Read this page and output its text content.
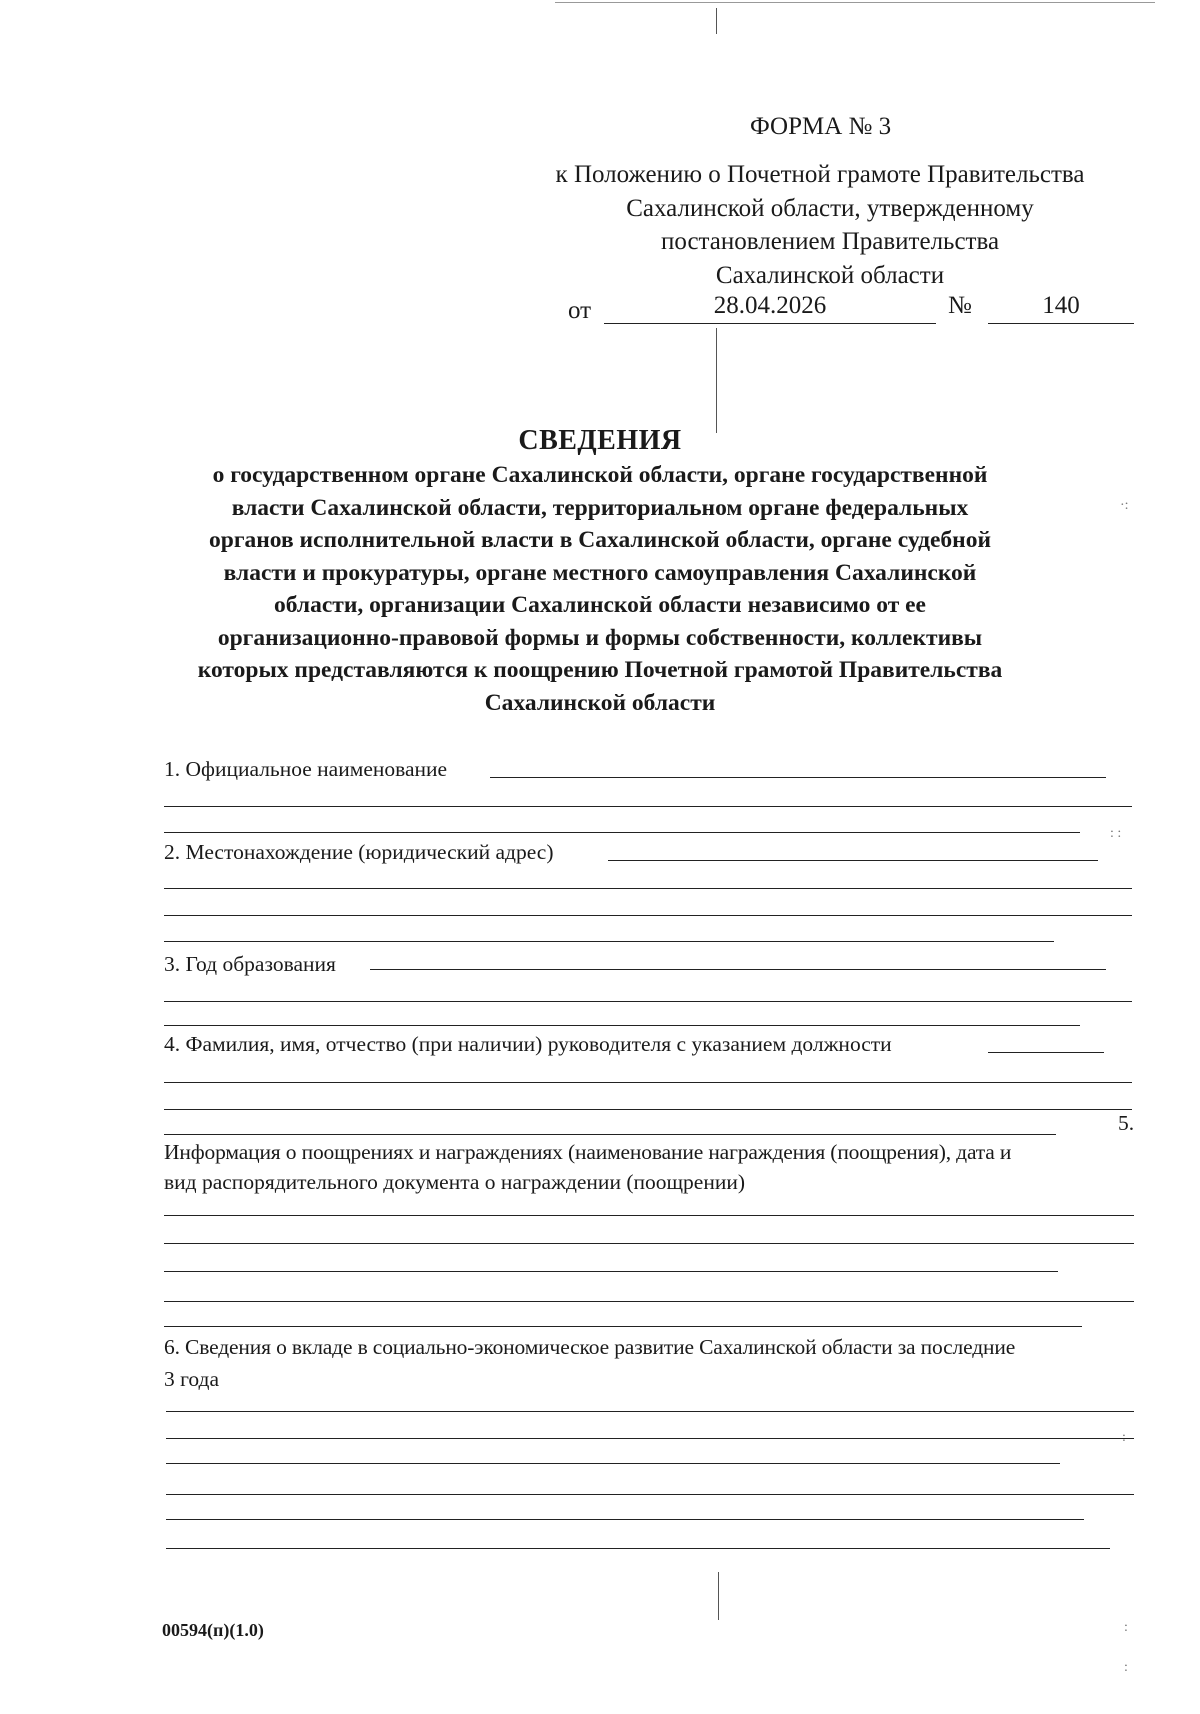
·:
: :
:
:
:
ФОРМА № 3
к Положению о Почетной грамоте Правительства
Сахалинской области, утвержденному
постановлением Правительства
Сахалинской области
от	28.04.2026	№	140
СВЕДЕНИЯ
о государственном органе Сахалинской области, органе государственной
власти Сахалинской области, территориальном органе федеральных
органов исполнительной власти в Сахалинской области, органе судебной
власти и прокуратуры, органе местного самоуправления Сахалинской
области, организации Сахалинской области независимо от ее
организационно-правовой формы и формы собственности, коллективы
которых представляются к поощрению Почетной грамотой Правительства
Сахалинской области
1. Официальное наименование
2. Местонахождение (юридический адрес)
3. Год образования
4. Фамилия, имя, отчество (при наличии) руководителя с указанием должности
5.
Информация о поощрениях и награждениях (наименование награждения (поощрения), дата и
вид распорядительного документа о награждении (поощрении)
6. Сведения о вкладе в социально-экономическое развитие Сахалинской области за последние
3 года
00594(п)(1.0)
